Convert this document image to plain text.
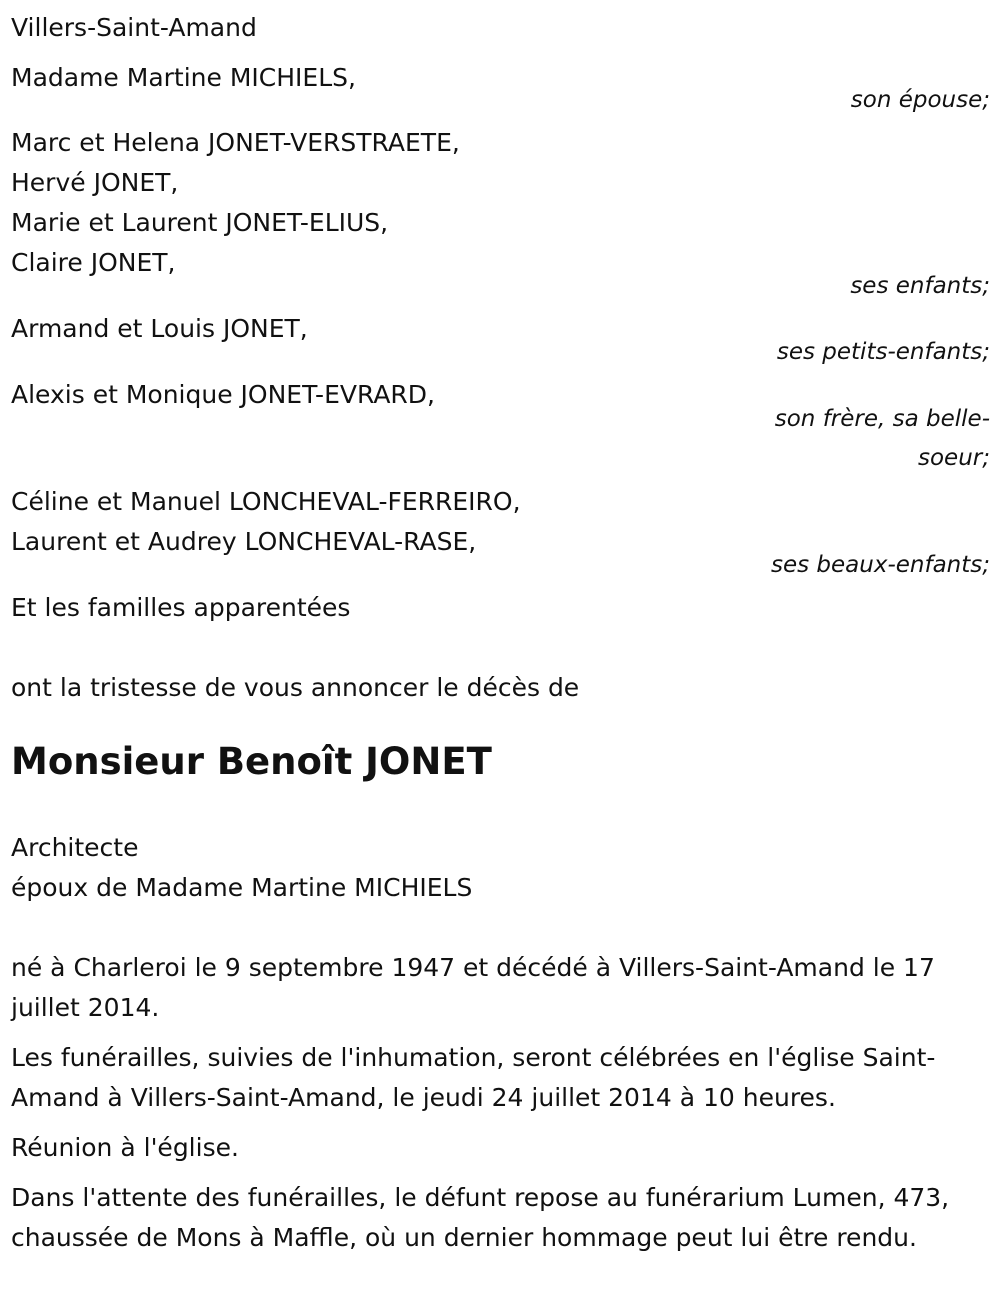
Villers-Saint-Amand

Madame Martine MICHIELS,

son épouse;

Marc et Helena JONET-VERSTRAETE,

Hervé JONET,

Marie et Laurent JONET-ELIUS,

Claire JONET,

ses enfants;

Armand et Louis JONET,

ses petits-enfants;

Alexis et Monique JONET-EVRARD,

son frère, sa belle-soeur;

Céline et Manuel LONCHEVAL-FERREIRO,

Laurent et Audrey LONCHEVAL-RASE,

ses beaux-enfants;

Et les familles apparentées

ont la tristesse de vous annoncer le décès de

Monsieur Benoît JONET

Architecte

époux de Madame Martine MICHIELS

né à Charleroi le 9 septembre 1947 et décédé à Villers-Saint-Amand le 17 juillet 2014.

Les funérailles, suivies de l'inhumation, seront célébrées en l'église Saint-Amand à Villers-Saint-Amand, le jeudi 24 juillet 2014 à 10 heures.

Réunion à l'église.

Dans l'attente des funérailles, le défunt repose au funérarium Lumen, 473, chaussée de Mons à Maffle, où un dernier hommage peut lui être rendu.
